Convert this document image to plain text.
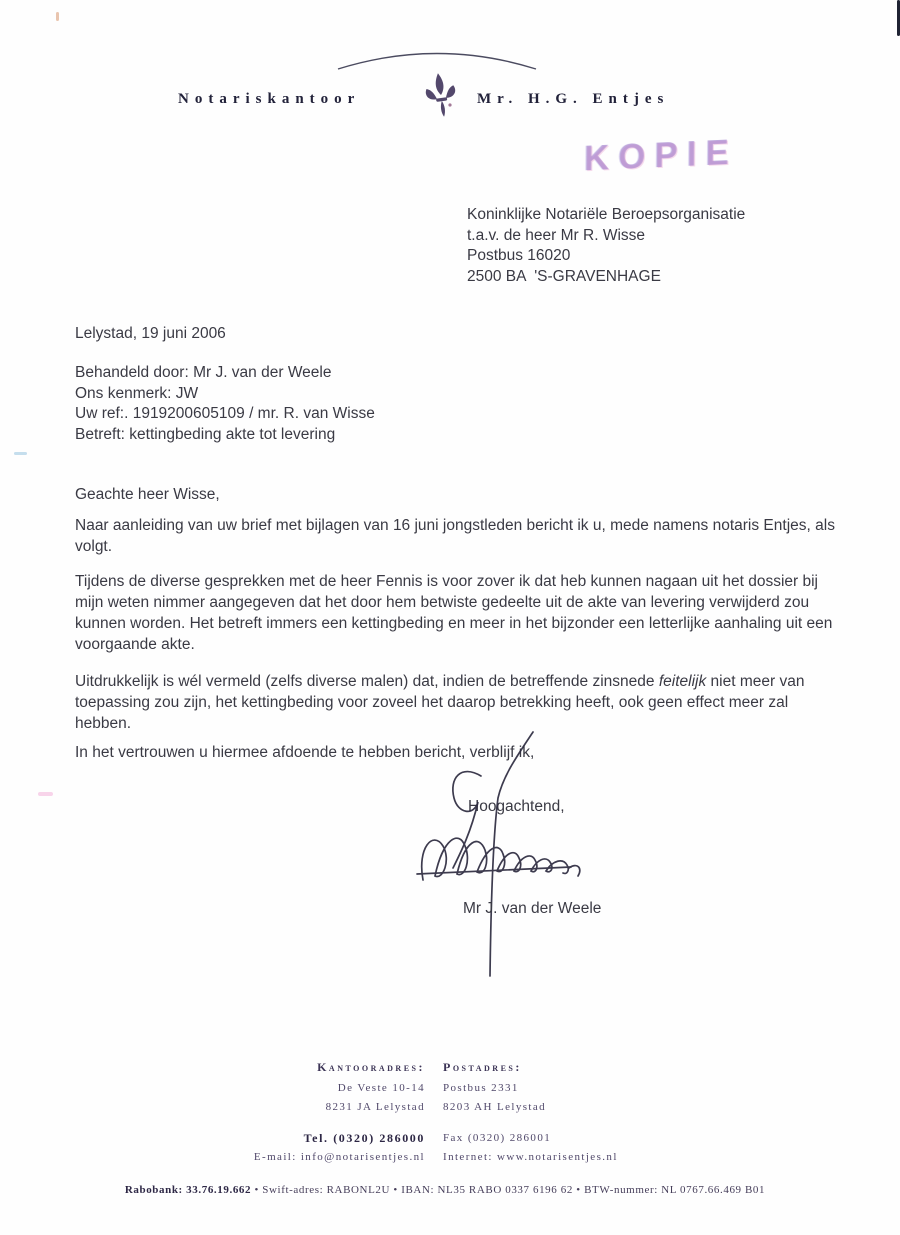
Notariskantoor	Mr. H.G. Entjes
KOPIE
Koninklijke Notariële Beroepsorganisatie
t.a.v. de heer Mr R. Wisse
Postbus 16020
2500 BA  'S-GRAVENHAGE
Lelystad, 19 juni 2006
Behandeld door: Mr J. van der Weele
Ons kenmerk: JW
Uw ref:. 1919200605109 / mr. R. van Wisse
Betreft: kettingbeding akte tot levering
Geachte heer Wisse,
Naar aanleiding van uw brief met bijlagen van 16 juni jongstleden bericht ik u, mede namens notaris Entjes, als volgt.
Tijdens de diverse gesprekken met de heer Fennis is voor zover ik dat heb kunnen nagaan uit het dossier bij mijn weten nimmer aangegeven dat het door hem betwiste gedeelte uit de akte van levering verwijderd zou kunnen worden. Het betreft immers een kettingbeding en meer in het bijzonder een letterlijke aanhaling uit een voorgaande akte.
Uitdrukkelijk is wél vermeld (zelfs diverse malen) dat, indien de betreffende zinsnede feitelijk niet meer van toepassing zou zijn, het kettingbeding voor zoveel het daarop betrekking heeft, ook geen effect meer zal hebben.
In het vertrouwen u hiermee afdoende te hebben bericht, verblijf ik,
Hoogachtend,
Mr J. van der Weele
Kantooradres: Postadres:
De Veste 10-14 Postbus 2331
8231 JA Lelystad 8203 AH Lelystad
Tel. (0320) 286000 Fax (0320) 286001
E-mail: info@notarisentjes.nl Internet: www.notarisentjes.nl
Rabobank: 33.76.19.662 • Swift-adres: RABONL2U • IBAN: NL35 RABO 0337 6196 62 • BTW-nummer: NL 0767.66.469 B01
